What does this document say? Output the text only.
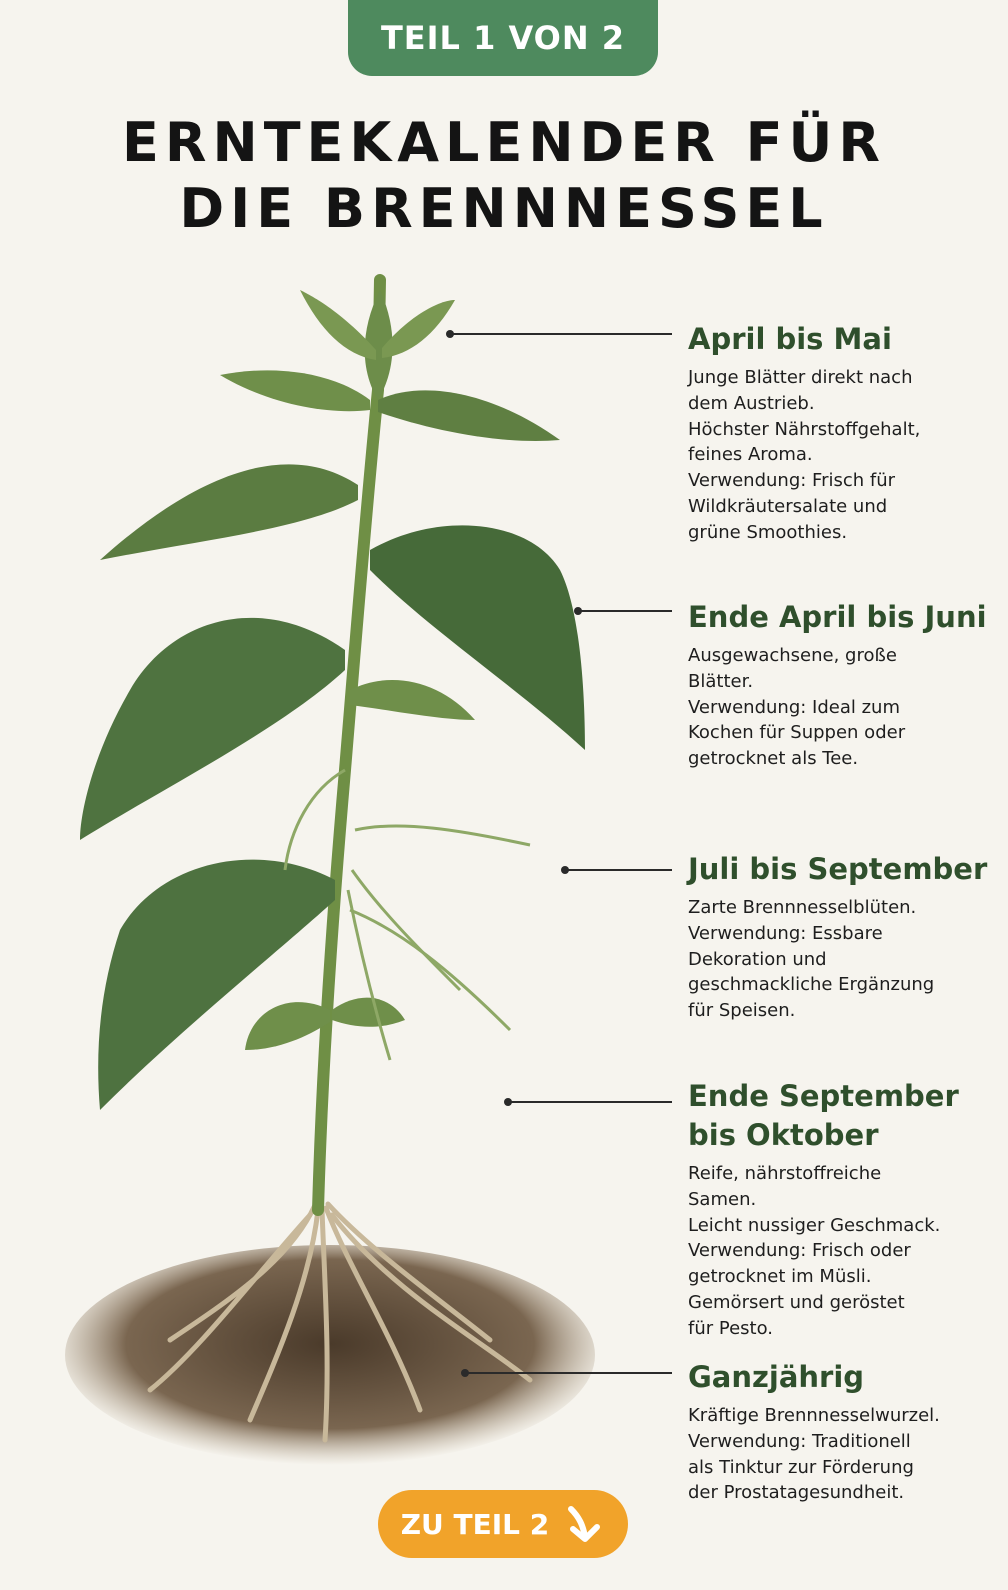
TEIL 1 VON 2
ERNTEKALENDER FÜR
DIE BRENNNESSEL
April bis Mai

Junge Blätter direkt nach
dem Austrieb.
Höchster Nährstoffgehalt,
feines Aroma.
Verwendung: Frisch für
Wildkräutersalate und
grüne Smoothies.

Ende April bis Juni

Ausgewachsene, große
Blätter.
Verwendung: Ideal zum
Kochen für Suppen oder
getrocknet als Tee.

Juli bis September

Zarte Brennnesselblüten.
Verwendung: Essbare
Dekoration und
geschmackliche Ergänzung
für Speisen.

Ende September
bis Oktober

Reife, nährstoffreiche
Samen.
Leicht nussiger Geschmack.
Verwendung: Frisch oder
getrocknet im Müsli.
Gemörsert und geröstet
für Pesto.

Ganzjährig

Kräftige Brennnesselwurzel.
Verwendung: Traditionell
als Tinktur zur Förderung
der Prostatagesundheit.

ZU TEIL 2
